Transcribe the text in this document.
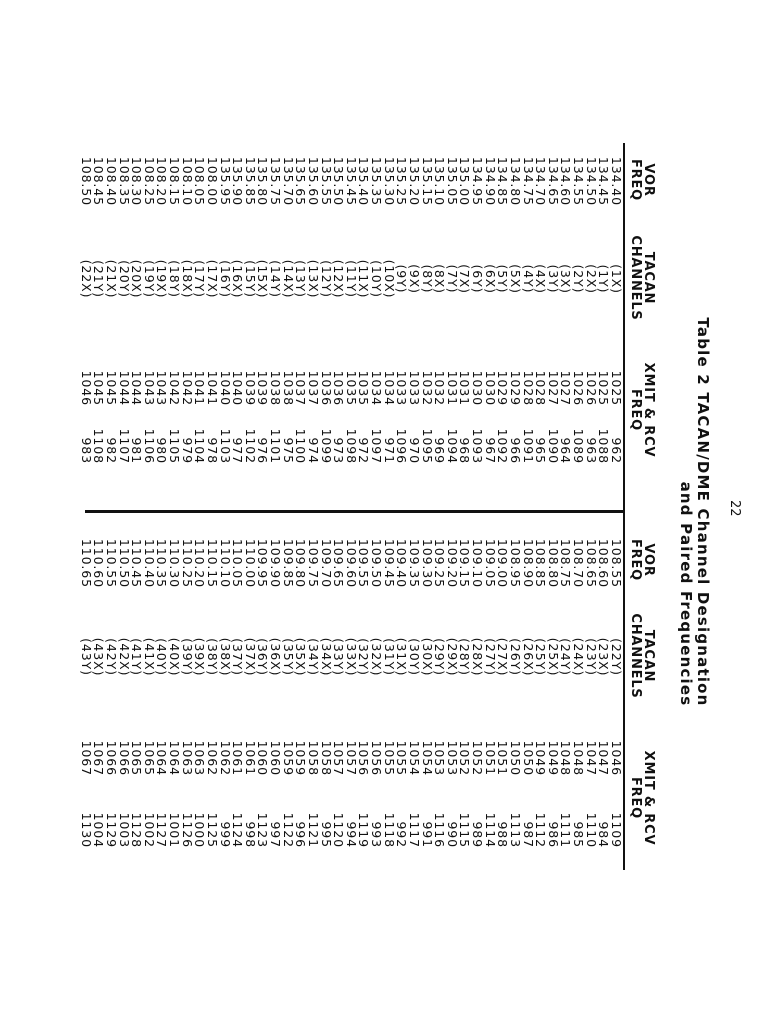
Table 2 TACAN/DME Channel Designation
and Paired Frequencies
VOR
FREQ
TACAN
CHANNELS
XMIT & RCV
FREQ
VOR
FREQ
TACAN
CHANNELS
XMIT & RCV
FREQ
134.40
134.45
134.50
134.55
134.60
134.65
134.70
134.75
134.80
134.85
134.90
134.95
135.00
135.05
135.10
135.15
135.20
135.25
135.30
135.35
135.40
135.45
135.50
135.55
135.60
135.65
135.70
135.75
135.80
135.85
135.90
135.95
108.00
108.05
108.10
108.15
108.20
108.25
108.30
108.35
108.40
108.45
108.50
(1X)
(1Y)
(2X)
(2Y)
(3X)
(3Y)
(4X)
(4Y)
(5X)
(5Y)
(6X)
(6Y)
(7X)
(7Y)
(8X)
(8Y)
(9X)
(9Y)
(10X)
(10Y)
(11X)
(11Y)
(12X)
(12Y)
(13X)
(13Y)
(14X)
(14Y)
(15X)
(15Y)
(16X)
(16Y)
(17X)
(17Y)
(18X)
(18Y)
(19X)
(19Y)
(20X)
(20Y)
(21X)
(21Y)
(22X)
1025
1025
1026
1026
1027
1027
1028
1028
1029
1029
1030
1030
1031
1031
1032
1032
1033
1033
1034
1034
1035
1035
1036
1036
1037
1037
1038
1038
1039
1039
1040
1040
1041
1041
1042
1042
1043
1043
1044
1044
1045
1045
1046
962
1088
963
1089
964
1090
965
1091
966
1092
967
1093
968
1094
969
1095
970
1096
971
1097
972
1098
973
1099
974
1100
975
1101
976
1102
977
1103
978
1104
979
1105
980
1106
981
1107
982
1108
983
108.55
108.60
108.65
108.70
108.75
108.80
108.85
108.90
108.95
109.00
109.05
109.10
109.15
109.20
109.25
109.30
109.35
109.40
109.45
109.50
109.55
109.60
109.65
109.70
109.75
109.80
109.85
109.90
109.95
110.00
110.05
110.10
110.15
110.20
110.25
110.30
110.35
110.40
110.45
110.50
110.55
110.60
110.65
(22Y)
(23X)
(23Y)
(24X)
(24Y)
(25X)
(25Y)
(26X)
(26Y)
(27X)
(27Y)
(28X)
(28Y)
(29X)
(29Y)
(30X)
(30Y)
(31X)
(31Y)
(32X)
(32Y)
(33X)
(33Y)
(34X)
(34Y)
(35X)
(35Y)
(36X)
(36Y)
(37X)
(37Y)
(38X)
(38Y)
(39X)
(39Y)
(40X)
(40Y)
(41X)
(41Y)
(42X)
(42Y)
(43X)
(43Y)
1046
1047
1047
1048
1048
1049
1049
1050
1050
1051
1051
1052
1052
1053
1053
1054
1054
1055
1055
1056
1056
1057
1057
1058
1058
1059
1059
1060
1060
1061
1061
1062
1062
1063
1063
1064
1064
1065
1065
1066
1066
1067
1067
1109
984
1110
985
1111
986
1112
987
1113
988
1114
989
1115
990
1116
991
1117
992
1118
993
1119
994
1120
995
1121
996
1122
997
1123
998
1124
999
1125
1000
1126
1001
1127
1002
1128
1003
1129
1004
1130
22
